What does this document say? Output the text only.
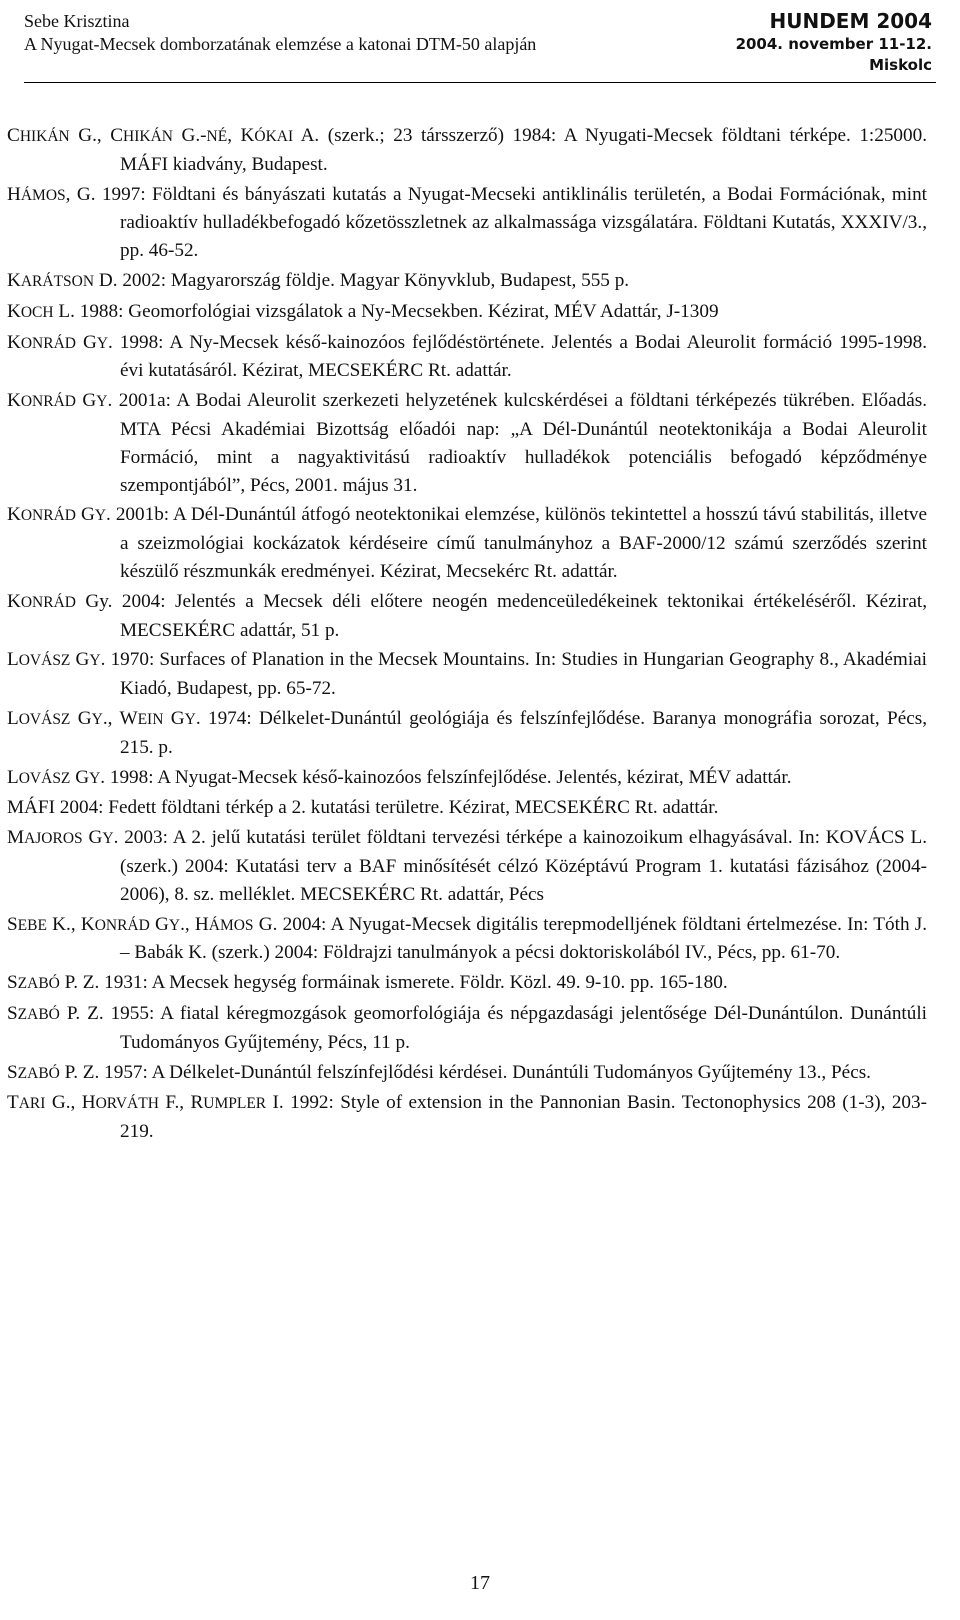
Sebe Krisztina
A Nyugat-Mecsek domborzatának elemzése a katonai DTM-50 alapján
HUNDEM 2004
2004. november 11-12.
Miskolc

CHIKÁN G., CHIKÁN G.-NÉ, KÓKAI A. (szerk.; 23 társszerző) 1984: A Nyugati-Mecsek földtani térképe. 1:25000. MÁFI kiadvány, Budapest.

HÁMOS, G. 1997: Földtani és bányászati kutatás a Nyugat-Mecseki antiklinális területén, a Bodai Formációnak, mint radioaktív hulladékbefogadó kőzetösszletnek az alkalmassága vizsgálatára. Földtani Kutatás, XXXIV/3., pp. 46-52.

KARÁTSON D. 2002: Magyarország földje. Magyar Könyvklub, Budapest, 555 p.

KOCH L. 1988: Geomorfológiai vizsgálatok a Ny-Mecsekben. Kézirat, MÉV Adattár, J-1309

KONRÁD GY. 1998: A Ny-Mecsek késő-kainozóos fejlődéstörténete. Jelentés a Bodai Aleurolit formáció 1995-1998. évi kutatásáról. Kézirat, MECSEKÉRC Rt. adattár.

KONRÁD GY. 2001a: A Bodai Aleurolit szerkezeti helyzetének kulcskérdései a földtani térképezés tükrében. Előadás. MTA Pécsi Akadémiai Bizottság előadói nap: „A Dél-Dunántúl neotektonikája a Bodai Aleurolit Formáció, mint a nagyaktivitású radioaktív hulladékok potenciális befogadó képződménye szempontjából”, Pécs, 2001. május 31.

KONRÁD GY. 2001b: A Dél-Dunántúl átfogó neotektonikai elemzése, különös tekintettel a hosszú távú stabilitás, illetve a szeizmológiai kockázatok kérdéseire című tanulmányhoz a BAF-2000/12 számú szerződés szerint készülő részmunkák eredményei. Kézirat, Mecsekérc Rt. adattár.

KONRÁD Gy. 2004: Jelentés a Mecsek déli előtere neogén medenceüledékeinek tektonikai értékeléséről. Kézirat, MECSEKÉRC adattár, 51 p.

LOVÁSZ GY. 1970: Surfaces of Planation in the Mecsek Mountains. In: Studies in Hungarian Geography 8., Akadémiai Kiadó, Budapest, pp. 65-72.

LOVÁSZ GY., WEIN GY. 1974: Délkelet-Dunántúl geológiája és felszínfejlődése. Baranya monográfia sorozat, Pécs, 215. p.

LOVÁSZ GY. 1998: A Nyugat-Mecsek késő-kainozóos felszínfejlődése. Jelentés, kézirat, MÉV adattár.

MÁFI 2004: Fedett földtani térkép a 2. kutatási területre. Kézirat, MECSEKÉRC Rt. adattár.

MAJOROS GY. 2003: A 2. jelű kutatási terület földtani tervezési térképe a kainozoikum elhagyásával. In: KOVÁCS L. (szerk.) 2004: Kutatási terv a BAF minősítését célzó Középtávú Program 1. kutatási fázisához (2004-2006), 8. sz. melléklet. MECSEKÉRC Rt. adattár, Pécs

SEBE K., KONRÁD GY., HÁMOS G. 2004: A Nyugat-Mecsek digitális terepmodelljének földtani értelmezése. In: Tóth J. – Babák K. (szerk.) 2004: Földrajzi tanulmányok a pécsi doktoriskolából IV., Pécs, pp. 61-70.

SZABÓ P. Z. 1931: A Mecsek hegység formáinak ismerete. Földr. Közl. 49. 9-10. pp. 165-180.

SZABÓ P. Z. 1955: A fiatal kéregmozgások geomorfológiája és népgazdasági jelentősége Dél-Dunántúlon. Dunántúli Tudományos Gyűjtemény, Pécs, 11 p.

SZABÓ P. Z. 1957: A Délkelet-Dunántúl felszínfejlődési kérdései. Dunántúli Tudományos Gyűjtemény 13., Pécs.

TARI G., HORVÁTH F., RUMPLER I. 1992: Style of extension in the Pannonian Basin. Tectonophysics 208 (1-3), 203-219.

17
